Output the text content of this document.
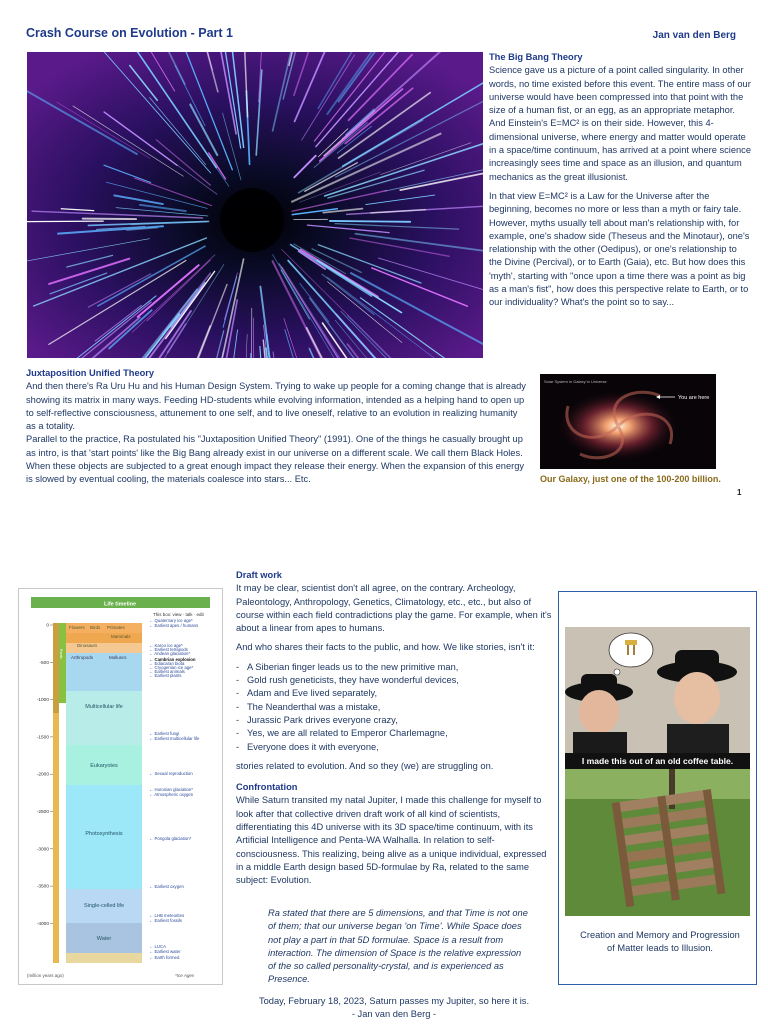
Crash Course on Evolution - Part 1	Jan van den Berg

The Big Bang Theory

Science gave us a picture of a point called singularity. In other words, no time existed before this event. The entire mass of our universe would have been compressed into that point with the size of a human fist, or an egg, as an appropriate metaphor. And Einstein's E=MC² is on their side. However, this 4-dimensional universe, where energy and matter would operate in a space/time continuum, has arrived at a point where science increasingly sees time and space as an illusion, and quantum mechanics as the great illusionist.

In that view E=MC² is a Law for the Universe after the beginning, becomes no more or less than a myth or fairy tale. However, myths usually tell about man's relationship with, for example, one's shadow side (Theseus and the Minotaur), one's relationship with the other (Oedipus), or one's relationship to the Divine (Percival), or to Earth (Gaia), etc. But how does this 'myth', starting with "once upon a time there was a point as big as a man's fist", how does this perspective relate to Earth, or to our individuality? What's the point so to say...

Juxtaposition Unified Theory

And then there's Ra Uru Hu and his Human Design System. Trying to wake up people for a coming change that is already showing its matrix in many ways. Feeding HD-students while evolving information, intended as a helping hand to open up to self-reflective consciousness, attunement to one self, and to live oneself, relative to an evolution in realizing humanity as a totality.

Parallel to the practice, Ra postulated his "Juxtaposition Unified Theory" (1991). One of the things he casually brought up as intro, is that 'start points' like the Big Bang already exist in our universe on a different scale. We call them Black Holes. When these objects are subjected to a great enough impact they release their energy. When the expansion of this energy is slowed by eventual cooling, the materials coalesce into stars... Etc.

Solar System in Galaxy in Universe
You are here
Our Galaxy, just one of the 100-200 billion.
1
Life timeline
This box: view · talk · edit
0
-500
-1000
-1500
-2000
-2500
-3000
-3500
-4000
Flowers Birds Primates
Mammals
Dinosaurs
Plants Arthropods	Molluscs
Multicellular life
Eukaryotes
Photosynthesis
Single-celled life
Water
← Quaternary ice age*
← Earliest apes / humans
← Karoo ice age*
← Earliest tetrapods
← Andean glaciation*
← Cambrian explosion
← Ediacaran biota
← Cryogenian ice age*
← Earliest animals
← Earliest plants
← Earliest fungi
← Earliest multicellular life
← Sexual reproduction
← Huronian glaciation*
← Atmospheric oxygen
← Pongola glaciation*
← Earliest oxygen
← LHB meteorites
← Earliest fossils
← LUCA
← Earliest water
← Earth formed
(million years ago)	*Ice Ages

Draft work

It may be clear, scientist don't all agree, on the contrary. Archeology, Paleontology, Anthropology, Genetics, Climatology, etc., etc., but also of course within each field contradictions play the game. For example, when it's about a linear from apes to humans.

And who shares their facts to the public, and how. We like stories, isn't it:

- A Siberian finger leads us to the new primitive man,
- Gold rush geneticists, they have wonderful devices,
- Adam and Eve lived separately,
- The Neanderthal was a mistake,
- Jurassic Park drives everyone crazy,
- Yes, we are all related to Emperor Charlemagne,
- Everyone does it with everyone,

stories related to evolution. And so they (we) are struggling on.

Confrontation

While Saturn transited my natal Jupiter, I made this challenge for myself to look after that collective driven draft work of all kind of scientists, differentiating this 4D universe with its 3D space/time continuum, with its Artificial Intelligence and Penta-WA Walhalla. In relation to self-consciousness. This realizing, being alive as a unique individual, expressed in a middle Earth design based 5D-formulae by Ra, related to the same subject: Evolution.

Ra stated that there are 5 dimensions, and that Time is not one of them; that our universe began 'on Time'. While Space does not play a part in that 5D formulae. Space is a result from interaction. The dimension of Space is the relative expression of the so called personality-crystal, and is experienced as Presence.
Today, February 18, 2023, Saturn passes my Jupiter, so here it is.
- Jan van den Berg -
I made this out of an old coffee table.
Creation and Memory and Progression of Matter leads to Illusion.
